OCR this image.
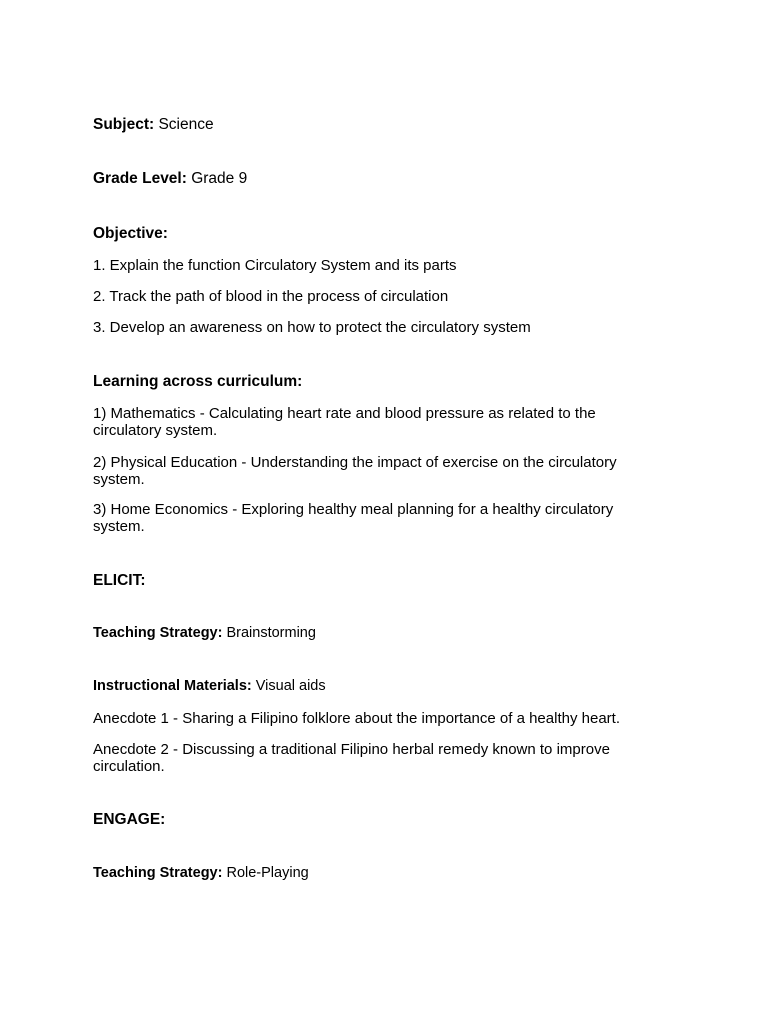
Subject: Science
Grade Level: Grade 9
Objective:
1. Explain the function Circulatory System and its parts
2. Track the path of blood in the process of circulation
3. Develop an awareness on how to protect the circulatory system
Learning across curriculum:
1) Mathematics - Calculating heart rate and blood pressure as related to the circulatory system.
2) Physical Education - Understanding the impact of exercise on the circulatory system.
3) Home Economics - Exploring healthy meal planning for a healthy circulatory system.
ELICIT:
Teaching Strategy: Brainstorming
Instructional Materials: Visual aids
Anecdote 1 - Sharing a Filipino folklore about the importance of a healthy heart.
Anecdote 2 - Discussing a traditional Filipino herbal remedy known to improve circulation.
ENGAGE:
Teaching Strategy: Role-Playing
